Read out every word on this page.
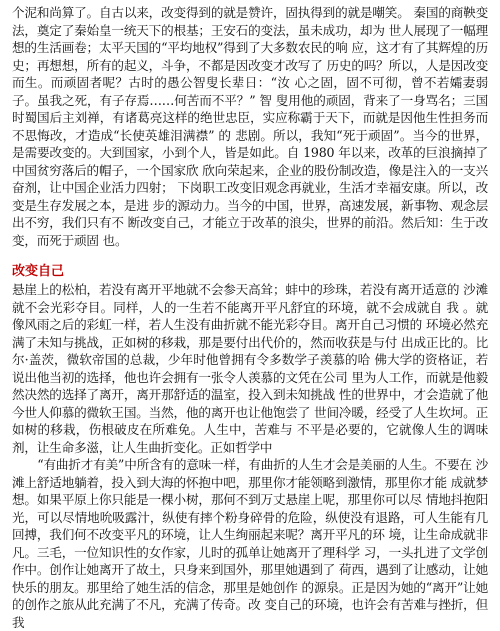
个泥和尚算了。自古以来，改变得到的就是赞许，固执得到的就是嘲笑。 秦国的商鞅变法，奠定了秦始皇一统天下的根基；王安石的变法，虽未成功，却为 世人展现了一幅理想的生活画卷；太平天国的“平均地权”得到了大多数农民的响 应，这才有了其辉煌的历史；再想想，所有的起义，斗争，不都是因改变才改写了 历史的吗？所以，人是因改变而生。而顽固者呢？古时的愚公智叟长辈日：“汝 心之固，固不可彻，曾不若孀妻弱子。虽我之死，有子存焉……何苦而不平？” 智 叟用他的顽固，背来了一身骂名；三国时蜀国后主刘禅，有诸葛亮这样的绝世忠臣，实应称霸于天下，而就是因他生性担务而不思悔改，才造成“长使英雄泪满襟” 的 悲剧。所以，我知“死于顽固”。当今的世界，是需要改变的。大到国家，小到个人，皆是如此。自 1980 年以来，改革的巨浪摘掉了中国贫穷落后的帽子，一个国家欣 欣向荣起来，企业的股份制改造，像是注入的一支兴奋剂，让中国企业活力四射； 下岗职工改变旧观念再就业，生活才幸福安康。所以，改变是生存发展之本，是进 步的源动力。当今的中国，世界，高速发展，新事物、观念层出不穷，我们只有不 断改变自己，才能立于改革的浪尖，世界的前沿。然后知：生于改变，而死于顽固 也。

改变自己

悬崖上的松柏，若没有离开平地就不会参天高耸；蚌中的珍珠，若没有离开适意的 沙滩就不会光彩夺目。同样，人的一生若不能离开平凡舒宜的环境，就不会成就自 我 。就像风雨之后的彩虹一样，若人生没有曲折就不能光彩夺目。离开自己习惯的 环境必然充满了未知与挑战，正如树的移栽，那是要付出代价的，然而收获是与付 出成正比的。比尔·盖茨，微软帝国的总裁，少年时他曾拥有令多数学子羡慕的哈 佛大学的资格证，若说出他当初的选择，他也许会拥有一张令人羡慕的文凭在公司 里为人工作，而就是他毅然决然的选择了离开，离开那舒适的温室，投入到未知挑战 性的世界中，才会造就了他今世人仰慕的微软王国。当然，他的离开也让他饱尝了 世间冷暖，经受了人生坎坷。正如树的移栽，伤根破皮在所难免。人生中，苦难与 不平是必要的，它就像人生的调味剂，让生命多滋，让人生曲折变化。正如哲学中

“有曲折才有美”中所含有的意味一样，有曲折的人生才会是美丽的人生。不要在 沙滩上舒适地躺着，投入到大海的怀抱中吧，那里你才能领略到激情，那里你才能 成就梦想。如果平原上你只能是一棵小树，那何不到万丈悬崖上呢，那里你可以尽 情地抖抱阳光，可以尽情地吮吸露汁，纵使有摔个粉身碎骨的危险，纵使没有退路，可人生能有几回搏，我们何不改变平凡的环境，让人生绚丽起来呢？离开平凡的环 境，让生命成就非凡。三毛，一位知识性的女作家，儿时的孤单让她离开了理科学 习，一头扎进了文学创作中。创作让她离开了故土，只身来到国外，那里她遇到了 荷西，遇到了让感动，让她快乐的朋友。那里给了她生活的信念，那里是她创作 的源泉。正是因为她的“离开”让她的创作之旅从此充满了不凡，充满了传奇。改 变自己的环境，也许会有苦难与挫折，但我
